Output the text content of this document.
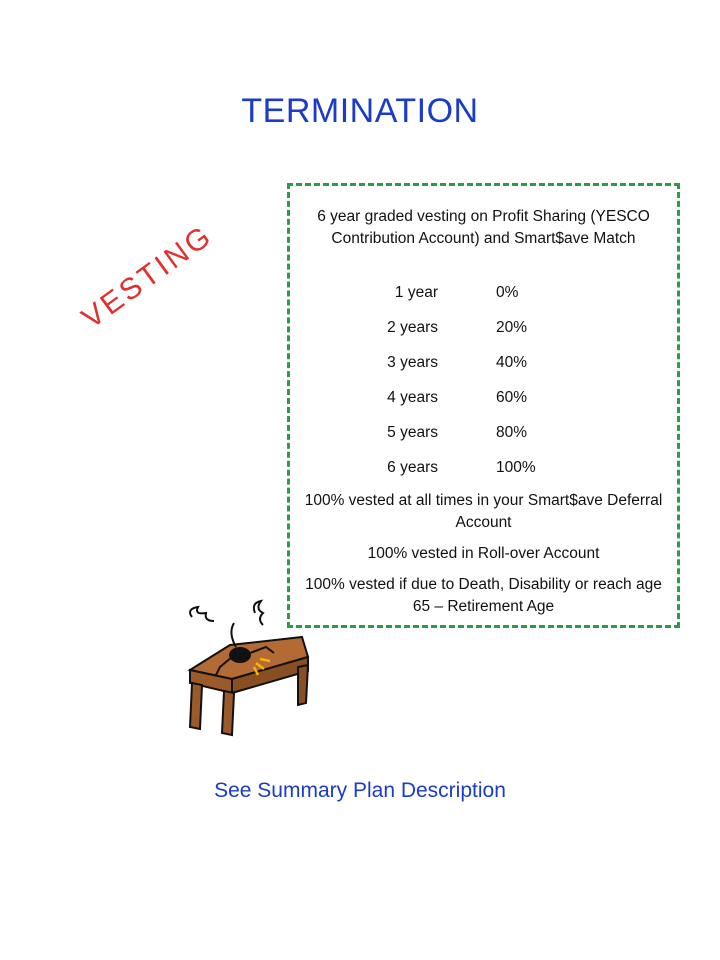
TERMINATION
VESTING
6 year graded vesting on Profit Sharing (YESCO Contribution Account) and Smart$ave Match
1 year	0%
2 years	20%
3 years	40%
4 years	60%
5 years	80%
6 years	100%
100% vested at all times in your Smart$ave Deferral Account
100% vested in Roll-over Account
100% vested if due to Death, Disability or reach age 65 – Retirement Age
See Summary Plan Description
